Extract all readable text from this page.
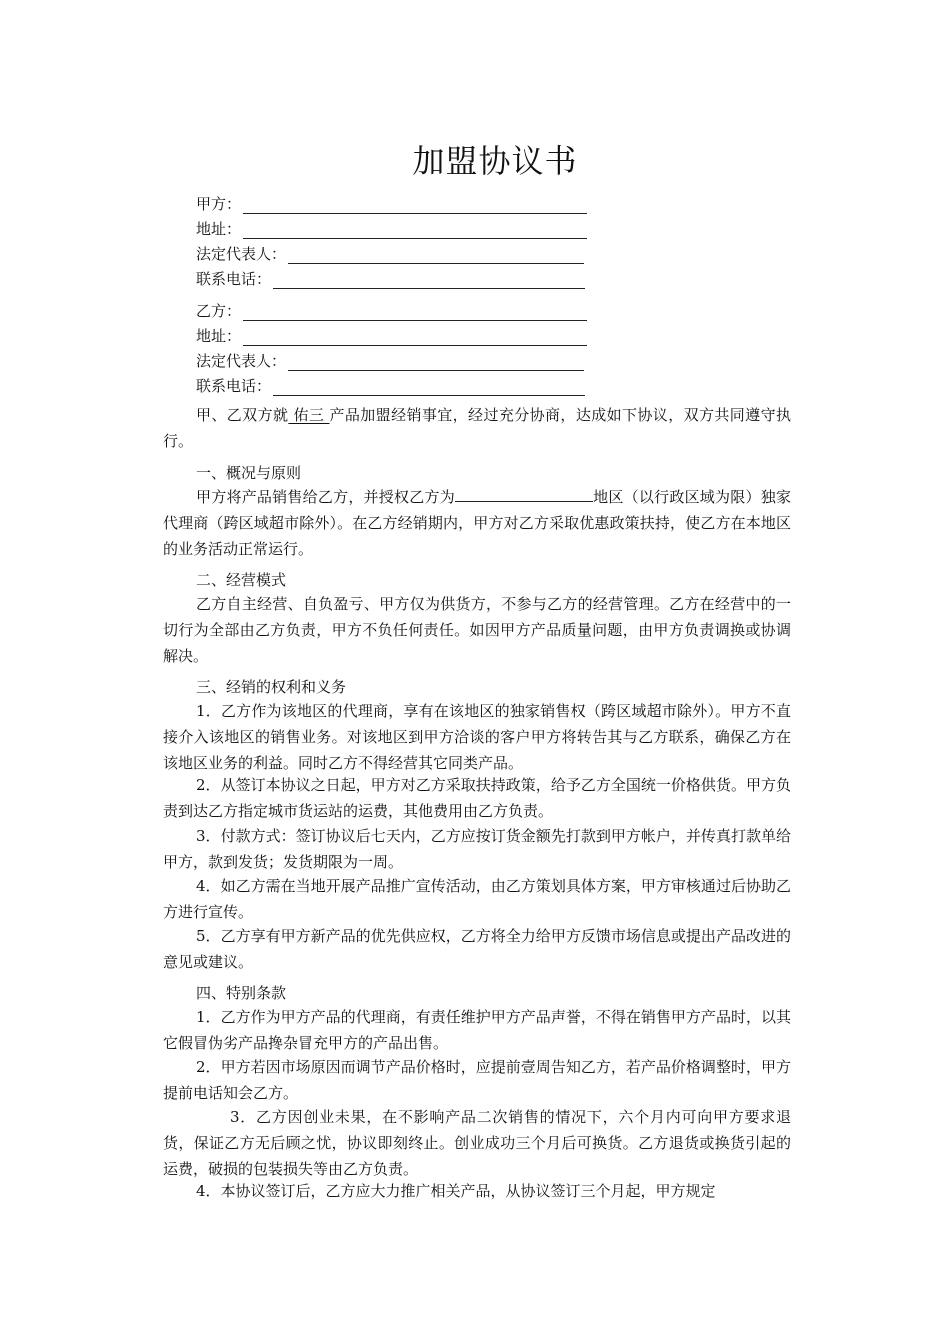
加盟协议书
甲方：
地址：
法定代表人：
联系电话：
乙方：
地址：
法定代表人：
联系电话：

甲、乙双方就 佑三 产品加盟经销事宜，经过充分协商，达成如下协议，双方共同遵守执行。

一、概况与原则

甲方将产品销售给乙方，并授权乙方为	地区（以行政区域为限）独家代理商（跨区域超市除外）。在乙方经销期内，甲方对乙方采取优惠政策扶持，使乙方在本地区的业务活动正常运行。

二、经营模式

乙方自主经营、自负盈亏、甲方仅为供货方，不参与乙方的经营管理。乙方在经营中的一切行为全部由乙方负责，甲方不负任何责任。如因甲方产品质量问题，由甲方负责调换或协调解决。

三、经销的权利和义务

1．乙方作为该地区的代理商，享有在该地区的独家销售权（跨区域超市除外）。甲方不直接介入该地区的销售业务。对该地区到甲方洽谈的客户甲方将转告其与乙方联系，确保乙方在该地区业务的利益。同时乙方不得经营其它同类产品。

2．从签订本协议之日起，甲方对乙方采取扶持政策，给予乙方全国统一价格供货。甲方负责到达乙方指定城市货运站的运费，其他费用由乙方负责。

3．付款方式：签订协议后七天内，乙方应按订货金额先打款到甲方帐户，并传真打款单给甲方，款到发货；发货期限为一周。

4．如乙方需在当地开展产品推广宣传活动，由乙方策划具体方案，甲方审核通过后协助乙方进行宣传。

5．乙方享有甲方新产品的优先供应权，乙方将全力给甲方反馈市场信息或提出产品改进的意见或建议。

四、特别条款

1．乙方作为甲方产品的代理商，有责任维护甲方产品声誉，不得在销售甲方产品时，以其它假冒伪劣产品搀杂冒充甲方的产品出售。

2．甲方若因市场原因而调节产品价格时，应提前壹周告知乙方，若产品价格调整时，甲方提前电话知会乙方。

3．乙方因创业未果，在不影响产品二次销售的情况下，六个月内可向甲方要求退货，保证乙方无后顾之忧，协议即刻终止。创业成功三个月后可换货。乙方退货或换货引起的运费，破损的包装损失等由乙方负责。

4．本协议签订后，乙方应大力推广相关产品，从协议签订三个月起，甲方规定
